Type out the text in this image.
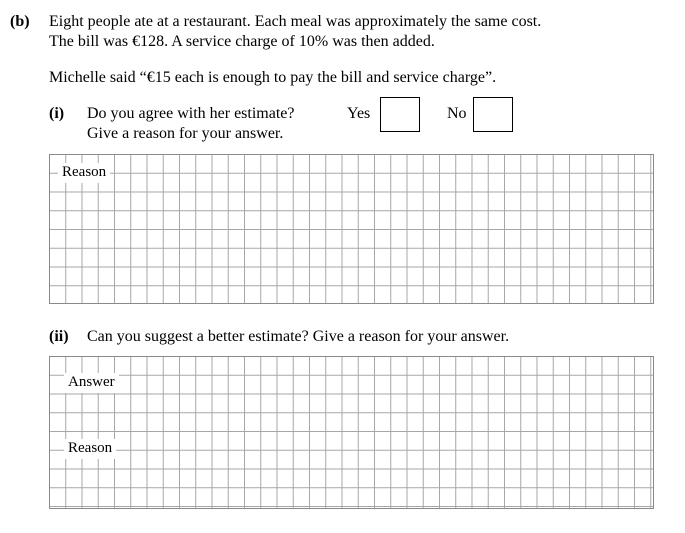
(b) Eight people ate at a restaurant. Each meal was approximately the same cost.
The bill was €128. A service charge of 10% was then added.
Michelle said “€15 each is enough to pay the bill and service charge”.
(i) Do you agree with her estimate?
Give a reason for your answer.
Yes	No
Reason
(ii) Can you suggest a better estimate? Give a reason for your answer.
Answer
Reason
